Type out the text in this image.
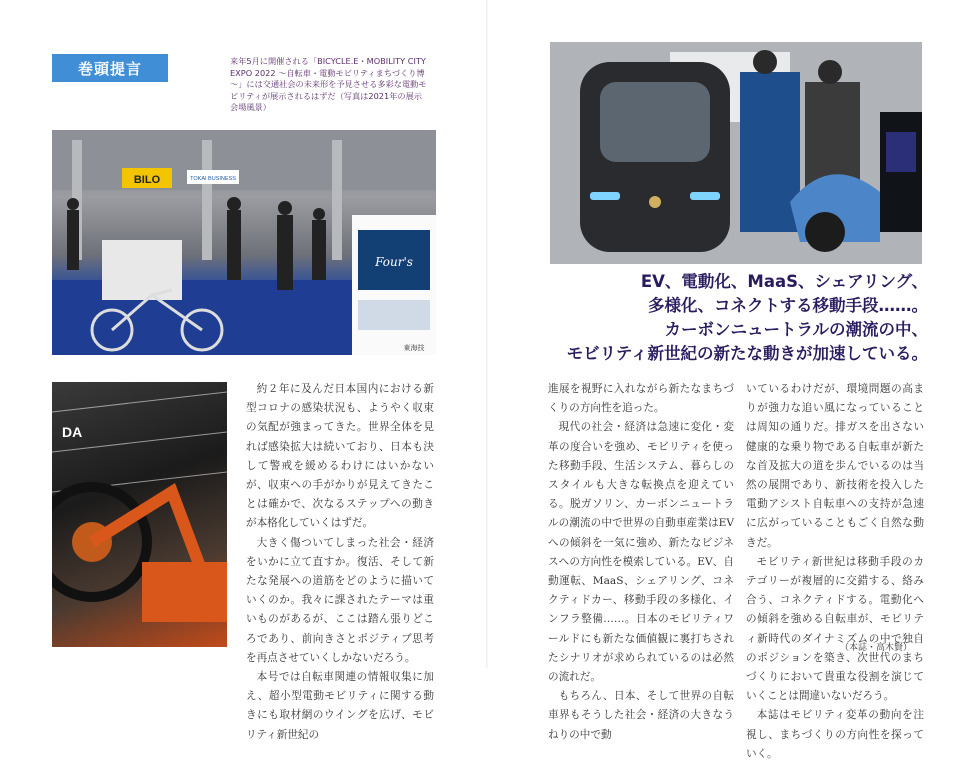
巻頭提言	来年5月に開催される「BICYCLE.E・MOBILITY CITY EXPO 2022 ～自転車・電動モビリティまちづくり博～」には交通社会の未来形を予見させる多彩な電動モビリティが展示されるはずだ（写真は2021年の展示会場風景）
BILO	TOKAI BUSINESS
Four's
東海技
DA

約２年に及んだ日本国内における新型コロナの感染状況も、ようやく収束の気配が強まってきた。世界全体を見れば感染拡大は続いており、日本も決して警戒を緩めるわけにはいかないが、収束への手がかりが見えてきたことは確かで、次なるステップへの動きが本格化していくはずだ。

大きく傷ついてしまった社会・経済をいかに立て直すか。復活、そして新たな発展への道筋をどのように描いていくのか。我々に課されたテーマは重いものがあるが、ここは踏ん張りどころであり、前向きさとポジティブ思考を再点させていくしかないだろう。

本号では自転車関連の情報収集に加え、超小型電動モビリティに関する動きにも取材網のウイングを広げ、モビリティ新世紀の

EV、電動化、MaaS、シェアリング、
多様化、コネクトする移動手段……。
カーボンニュートラルの潮流の中、
モビリティ新世紀の新たな動きが加速している。

進展を視野に入れながら新たなまちづくりの方向性を追った。

現代の社会・経済は急速に変化・変革の度合いを強め、モビリティを使った移動手段、生活システム、暮らしのスタイルも大きな転換点を迎えている。脱ガソリン、カーボンニュートラルの潮流の中で世界の自動車産業はEVへの傾斜を一気に強め、新たなビジネスへの方向性を模索している。EV、自動運転、MaaS、シェアリング、コネクティドカー、移動手段の多様化、インフラ整備……。日本のモビリティワールドにも新たな価値観に裏打ちされたシナリオが求められているのは必然の流れだ。

もちろん、日本、そして世界の自転車界もそうした社会・経済の大きなうねりの中で動

いているわけだが、環境問題の高まりが強力な追い風になっていることは周知の通りだ。排ガスを出さない健康的な乗り物である自転車が新たな首及拡大の道を歩んでいるのは当然の展開であり、新技術を投入した電動アシスト自転車への支持が急速に広がっていることもごく自然な動きだ。

モビリティ新世紀は移動手段のカテゴリーが複層的に交錯する、絡み合う、コネクティドする。電動化への傾斜を強める自転車が、モビリティ新時代のダイナミズムの中で独自のポジションを築き、次世代のまちづくりにおいて貴重な役割を演じていくことは間違いないだろう。

本誌はモビリティ変革の動向を注視し、まちづくりの方向性を探っていく。

（本誌・高木賢）
